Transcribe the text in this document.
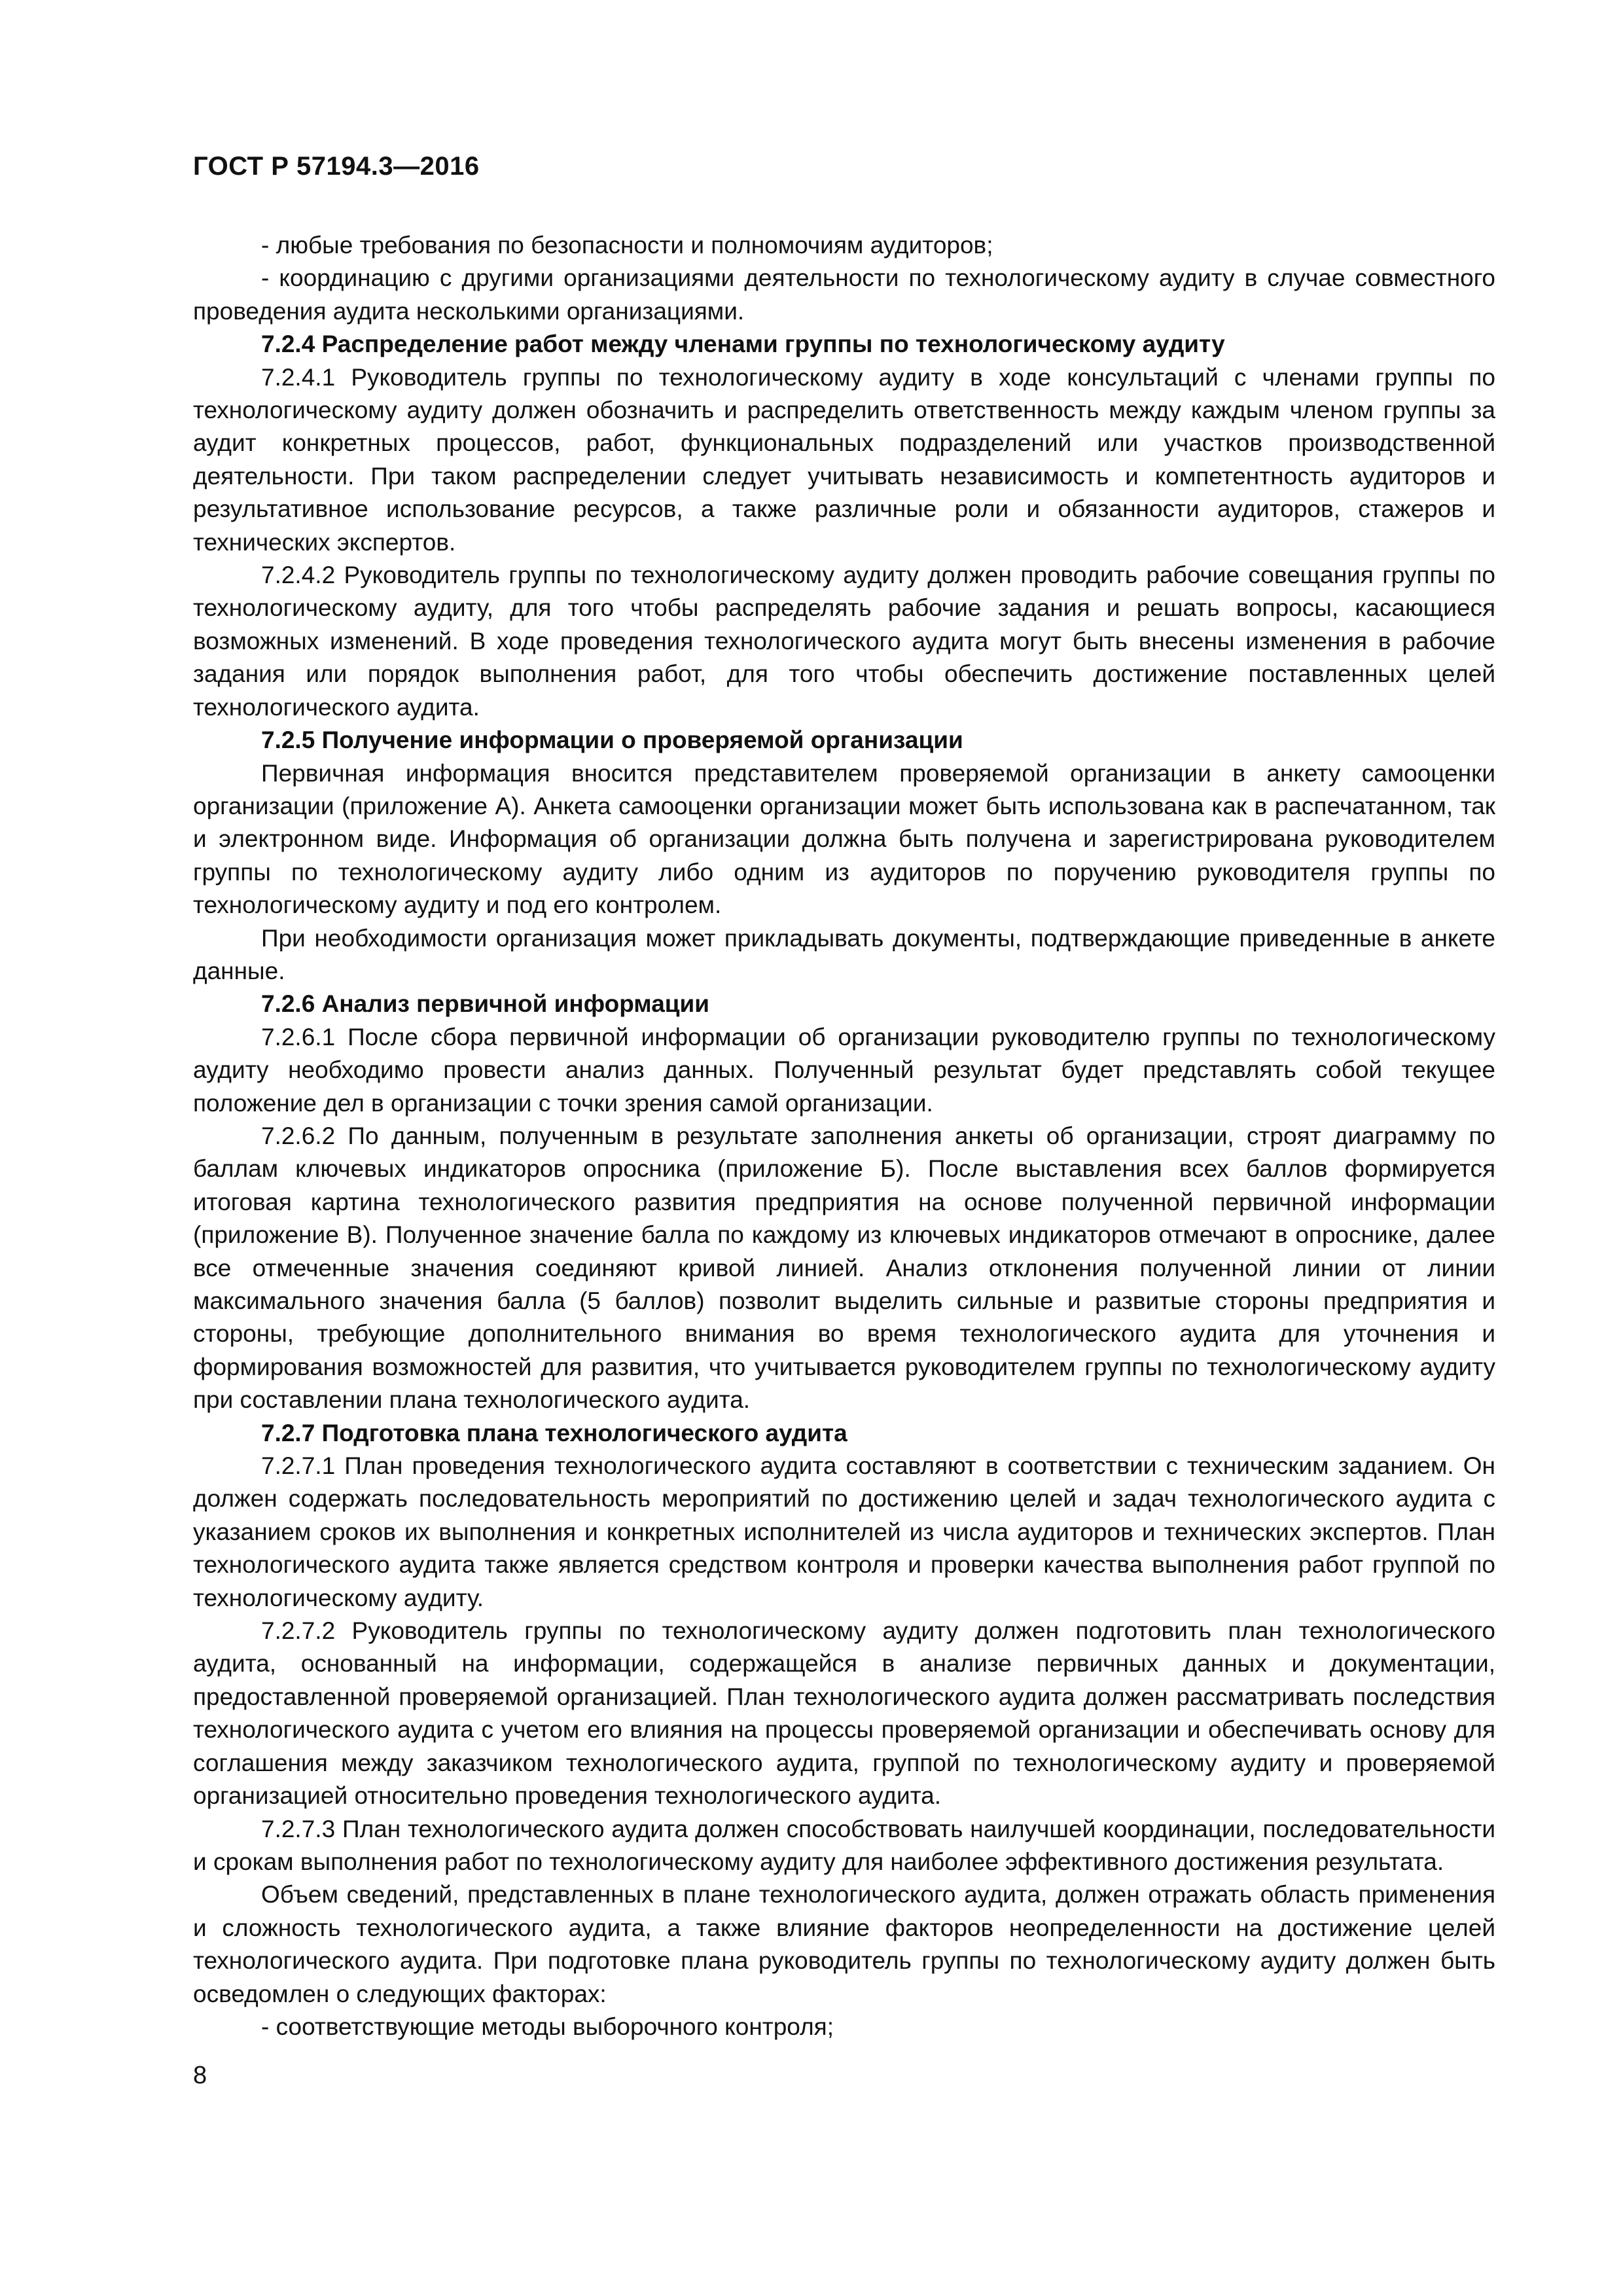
ГОСТ Р 57194.3—2016

- любые требования по безопасности и полномочиям аудиторов;

- координацию с другими организациями деятельности по технологическому аудиту в случае совместного проведения аудита несколькими организациями.

7.2.4 Распределение работ между членами группы по технологическому аудиту

7.2.4.1 Руководитель группы по технологическому аудиту в ходе консультаций с членами группы по технологическому аудиту должен обозначить и распределить ответственность между каждым членом группы за аудит конкретных процессов, работ, функциональных подразделений или участков производственной деятельности. При таком распределении следует учитывать независимость и компетентность аудиторов и результативное использование ресурсов, а также различные роли и обязанности аудиторов, стажеров и технических экспертов.

7.2.4.2 Руководитель группы по технологическому аудиту должен проводить рабочие совещания группы по технологическому аудиту, для того чтобы распределять рабочие задания и решать вопросы, касающиеся возможных изменений. В ходе проведения технологического аудита могут быть внесены изменения в рабочие задания или порядок выполнения работ, для того чтобы обеспечить достижение поставленных целей технологического аудита.

7.2.5 Получение информации о проверяемой организации

Первичная информация вносится представителем проверяемой организации в анкету самооценки организации (приложение А). Анкета самооценки организации может быть использована как в распечатанном, так и электронном виде. Информация об организации должна быть получена и зарегистрирована руководителем группы по технологическому аудиту либо одним из аудиторов по поручению руководителя группы по технологическому аудиту и под его контролем.

При необходимости организация может прикладывать документы, подтверждающие приведенные в анкете данные.

7.2.6 Анализ первичной информации

7.2.6.1 После сбора первичной информации об организации руководителю группы по технологическому аудиту необходимо провести анализ данных. Полученный результат будет представлять собой текущее положение дел в организации с точки зрения самой организации.

7.2.6.2 По данным, полученным в результате заполнения анкеты об организации, строят диаграмму по баллам ключевых индикаторов опросника (приложение Б). После выставления всех баллов формируется итоговая картина технологического развития предприятия на основе полученной первичной информации (приложение В). Полученное значение балла по каждому из ключевых индикаторов отмечают в опроснике, далее все отмеченные значения соединяют кривой линией. Анализ отклонения полученной линии от линии максимального значения балла (5 баллов) позволит выделить сильные и развитые стороны предприятия и стороны, требующие дополнительного внимания во время технологического аудита для уточнения и формирования возможностей для развития, что учитывается руководителем группы по технологическому аудиту при составлении плана технологического аудита.

7.2.7 Подготовка плана технологического аудита

7.2.7.1 План проведения технологического аудита составляют в соответствии с техническим заданием. Он должен содержать последовательность мероприятий по достижению целей и задач технологического аудита с указанием сроков их выполнения и конкретных исполнителей из числа аудиторов и технических экспертов. План технологического аудита также является средством контроля и проверки качества выполнения работ группой по технологическому аудиту.

7.2.7.2 Руководитель группы по технологическому аудиту должен подготовить план технологического аудита, основанный на информации, содержащейся в анализе первичных данных и документации, предоставленной проверяемой организацией. План технологического аудита должен рассматривать последствия технологического аудита с учетом его влияния на процессы проверяемой организации и обеспечивать основу для соглашения между заказчиком технологического аудита, группой по технологическому аудиту и проверяемой организацией относительно проведения технологического аудита.

7.2.7.3 План технологического аудита должен способствовать наилучшей координации, последовательности и срокам выполнения работ по технологическому аудиту для наиболее эффективного достижения результата.

Объем сведений, представленных в плане технологического аудита, должен отражать область применения и сложность технологического аудита, а также влияние факторов неопределенности на достижение целей технологического аудита. При подготовке плана руководитель группы по технологическому аудиту должен быть осведомлен о следующих факторах:

- соответствующие методы выборочного контроля;

8
